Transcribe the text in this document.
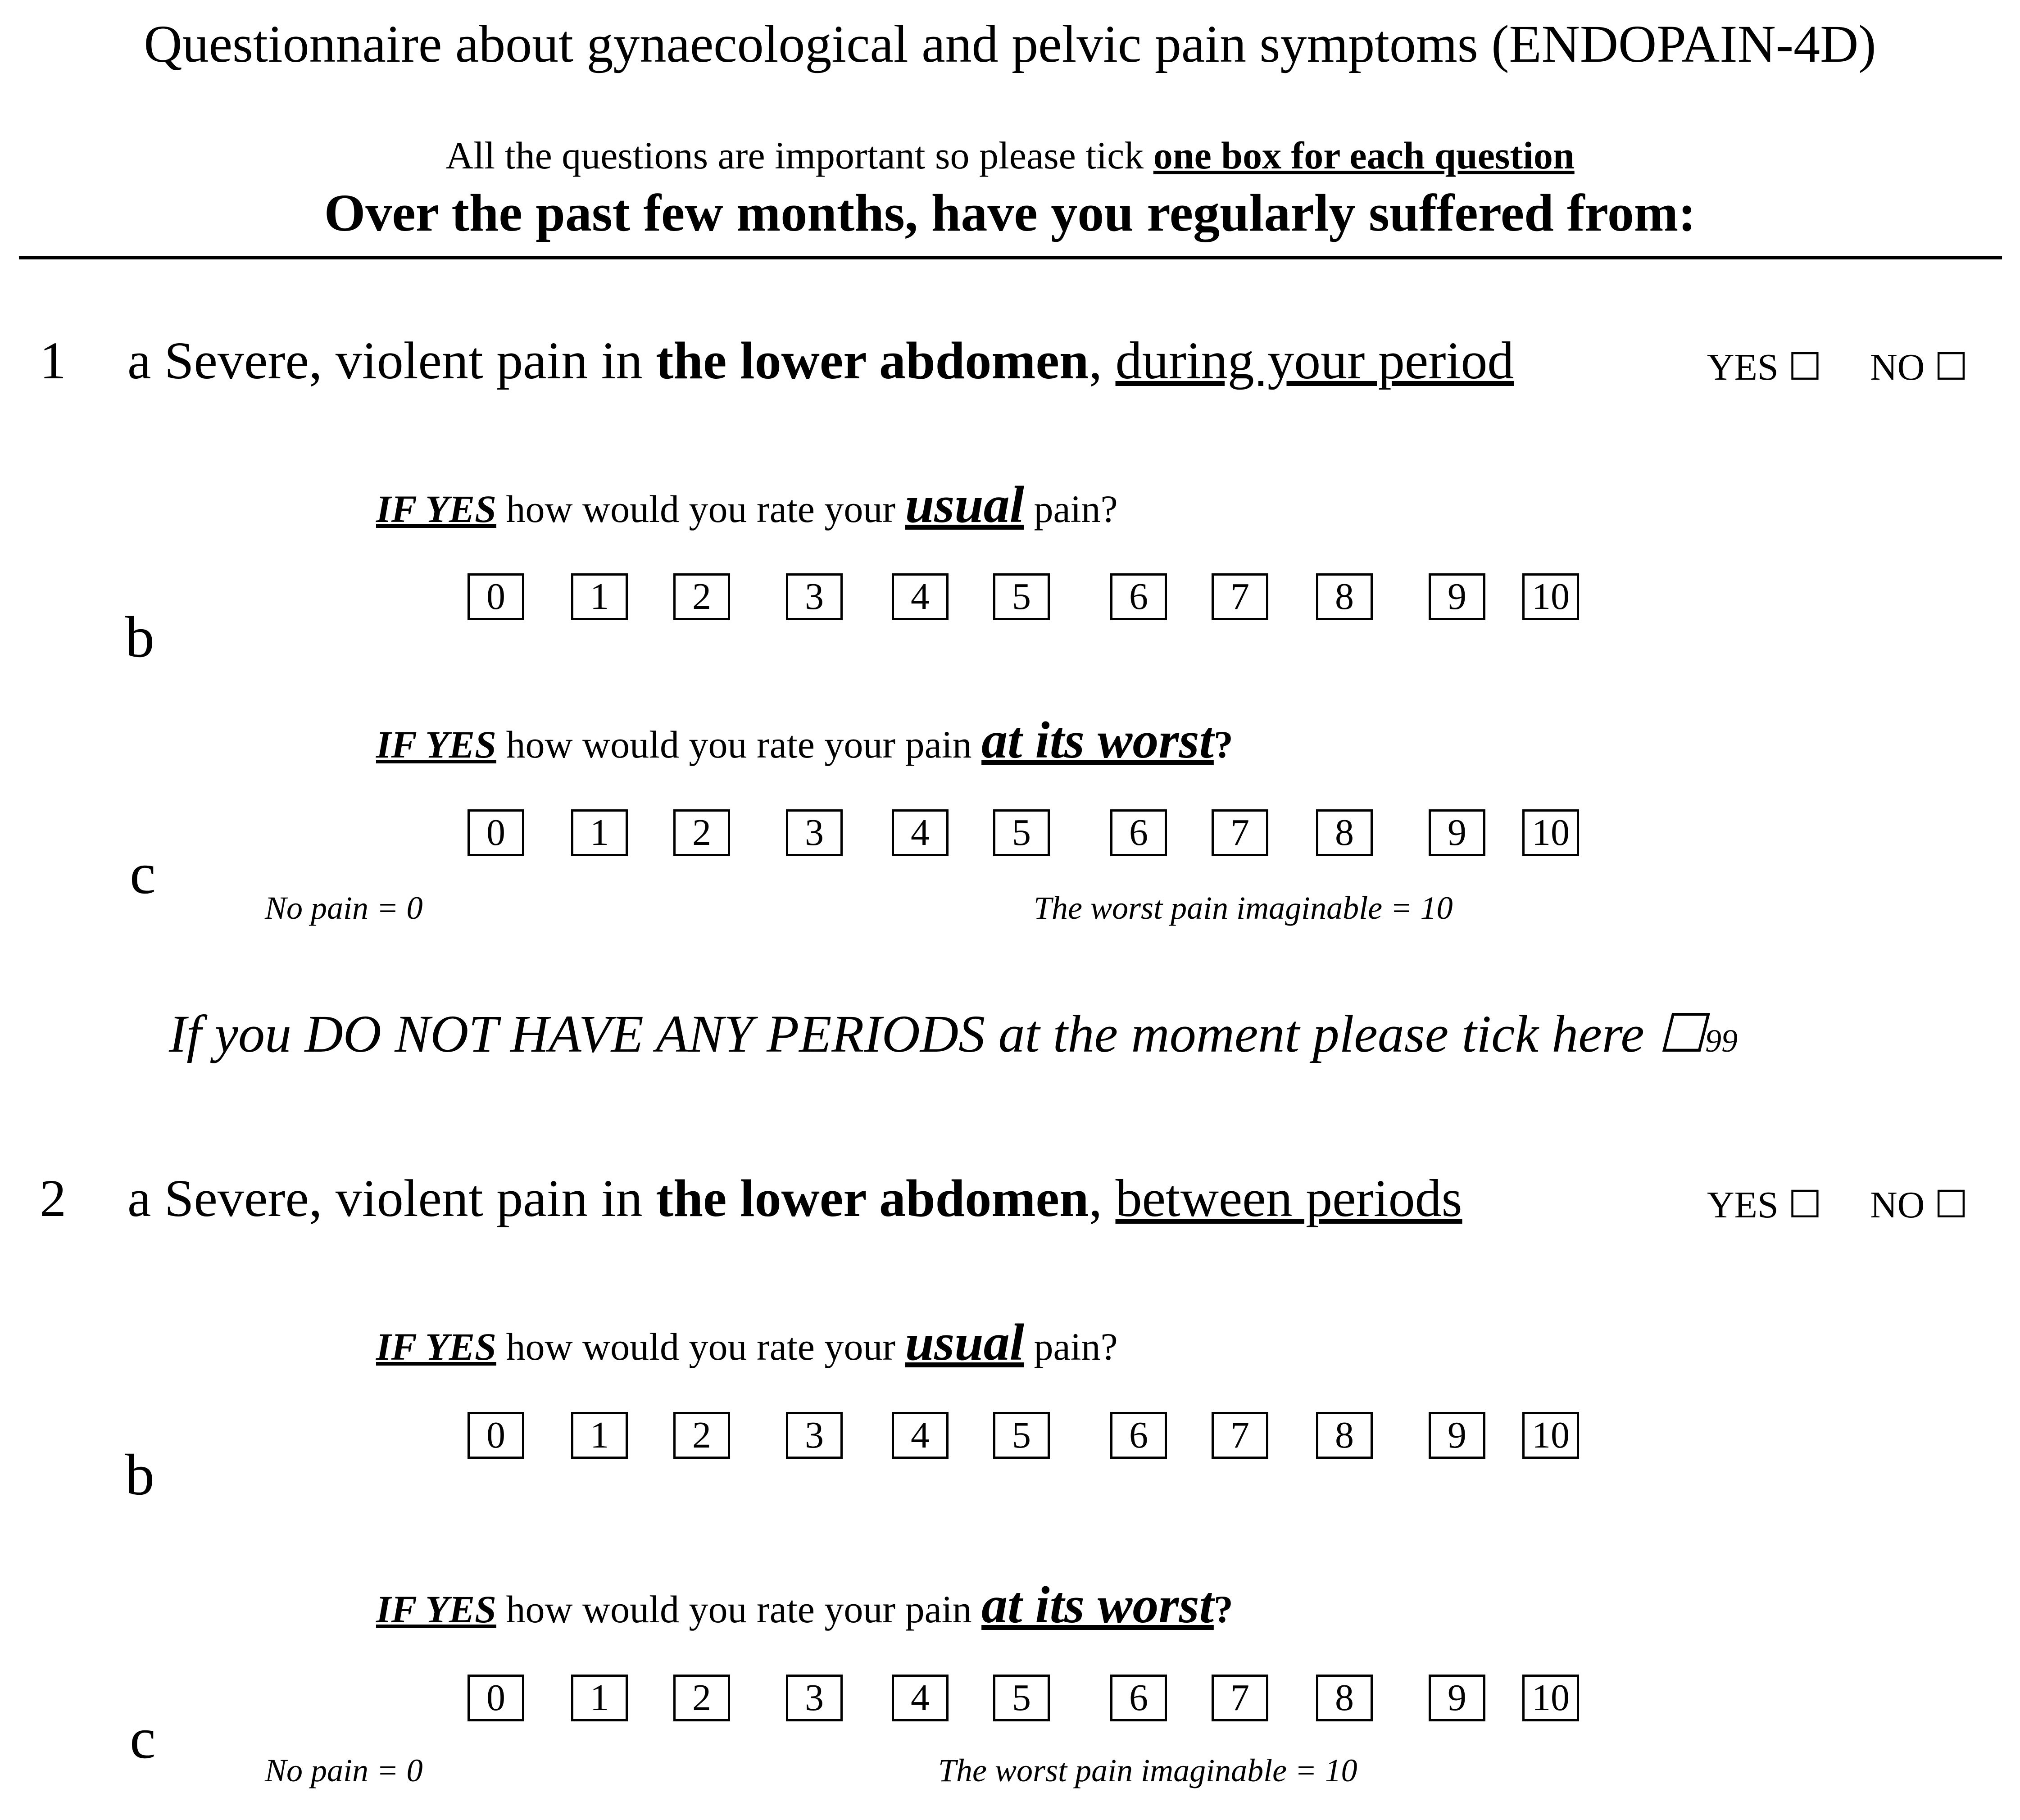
Questionnaire about gynaecological and pelvic pain symptoms (ENDOPAIN-4D)
All the questions are important so please tick one box for each question
Over the past few months, have you regularly suffered from:
1 a Severe, violent pain in the lower abdomen, during your period	YES ☐ NO ☐
IF YES how would you rate your usual pain?
b
IF YES how would you rate your pain at its worst?
c
No pain = 0	The worst pain imaginable = 10
If you DO NOT HAVE ANY PERIODS at the moment please tick here ☐99
2 a Severe, violent pain in the lower abdomen, between periods	YES ☐ NO ☐
IF YES how would you rate your usual pain?
b
IF YES how would you rate your pain at its worst?
c	No pain = 0	The worst pain imaginable = 10
0	1	2	3	4	5	6	7	8	9	10
0	1	2	3	4	5	6	7	8	9	10
0	1	2	3	4	5	6	7	8	9	10
0	1	2	3	4	5	6	7	8	9	10
